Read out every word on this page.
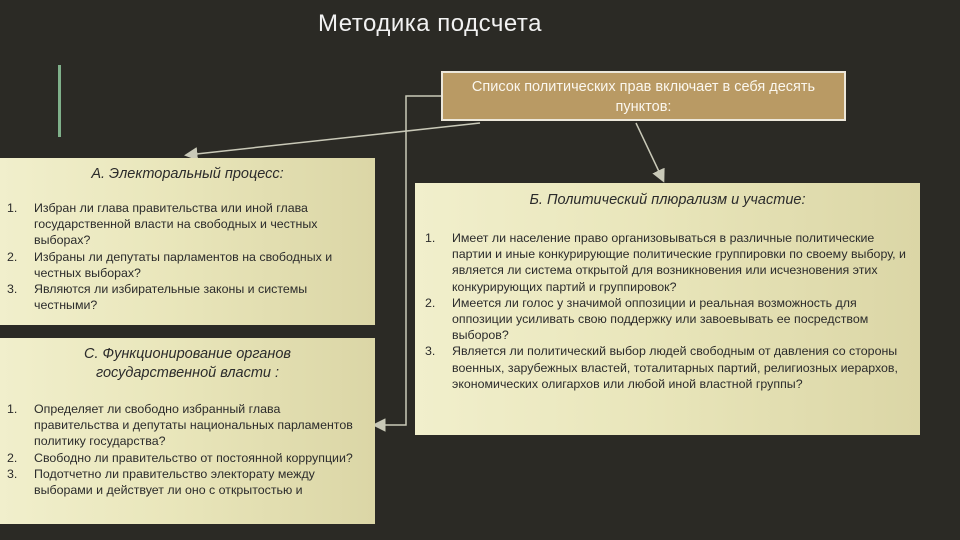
Методика подсчета
Список политических прав включает в себя десять пунктов:
А. Электоральный процесс:
1. Избран ли глава правительства или иной глава государственной власти на свободных и честных выборах?
2. Избраны ли депутаты парламентов на свободных и честных выборах?
3. Являются ли избирательные законы и системы честными?
С. Функционирование органов государственной власти :
1. Определяет ли свободно избранный глава правительства и депутаты национальных парламентов политику государства?
2. Свободно ли правительство от постоянной коррупции?
3. Подотчетно ли правительство электорату между выборами и действует ли оно с открытостью и
Б. Политический плюрализм и участие:
1. Имеет ли население право организовываться в различные политические партии и иные конкурирующие политические группировки по своему выбору, и является ли система открытой для возникновения или исчезновения этих конкурирующих партий и группировок?
2. Имеется ли голос у значимой оппозиции и реальная возможность для оппозиции усиливать свою поддержку или завоевывать ее посредством выборов?
3. Является ли политический выбор людей свободным от давления со стороны военных, зарубежных властей, тоталитарных партий, религиозных иерархов, экономических олигархов или любой иной властной группы?
